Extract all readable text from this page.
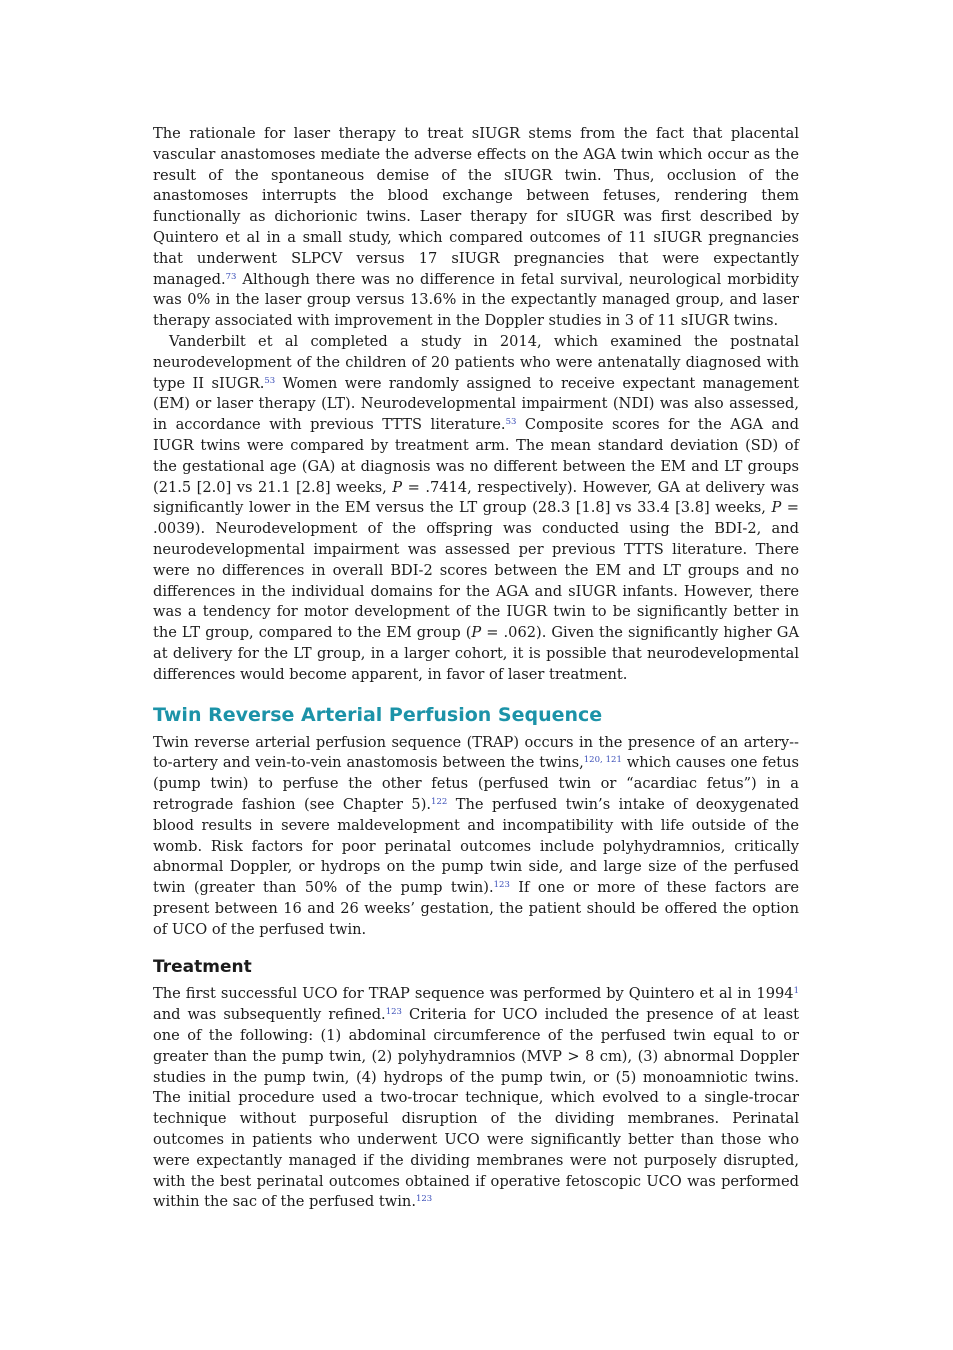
The rationale for laser therapy to treat sIUGR stems from the fact that placental vascular anastomoses mediate the adverse effects on the AGA twin which occur as the result of the spontaneous demise of the sIUGR twin. Thus, occlusion of the anastomoses interrupts the blood exchange between fetuses, rendering them functionally as dichorionic twins. Laser therapy for sIUGR was first described by Quintero et al in a small study, which compared outcomes of 11 sIUGR pregnancies that underwent SLPCV versus 17 sIUGR pregnancies that were expectantly managed.$^{73}$ Although there was no difference in fetal survival, neurological morbidity was 0% in the laser group versus 13.6% in the expectantly managed group, and laser therapy associated with improvement in the Doppler studies in 3 of 11 sIUGR twins.

Vanderbilt et al completed a study in 2014, which examined the postnatal neurodevelopment of the children of 20 patients who were antenatally diagnosed with type II sIUGR.$^{53}$ Women were randomly assigned to receive expectant management (EM) or laser therapy (LT). Neurodevelopmental impairment (NDI) was also assessed, in accordance with previous TTTS literature.$^{53}$ Composite scores for the AGA and IUGR twins were compared by treatment arm. The mean standard deviation (SD) of the gestational age (GA) at diagnosis was no different between the EM and LT groups (21.5 [2.0] vs 21.1 [2.8] weeks, P = .7414, respectively). However, GA at delivery was significantly lower in the EM versus the LT group (28.3 [1.8] vs 33.4 [3.8] weeks, P = .0039). Neurodevelopment of the offspring was conducted using the BDI-2, and neurodevelopmental impairment was assessed per previous TTTS literature. There were no differences in overall BDI-2 scores between the EM and LT groups and no differences in the individual domains for the AGA and sIUGR infants. However, there was a tendency for motor development of the IUGR twin to be significantly better in the LT group, compared to the EM group (P = .062). Given the significantly higher GA at delivery for the LT group, in a larger cohort, it is possible that neurodevelopmental differences would become apparent, in favor of laser treatment.

Twin Reverse Arterial Perfusion Sequence

Twin reverse arterial perfusion sequence (TRAP) occurs in the presence of an artery--to-artery and vein-to-vein anastomosis between the twins,$^{120, 121}$ which causes one fetus (pump twin) to perfuse the other fetus (perfused twin or “acardiac fetus”) in a retrograde fashion (see Chapter 5).$^{122}$ The perfused twin’s intake of deoxygenated blood results in severe maldevelopment and incompatibility with life outside of the womb. Risk factors for poor perinatal outcomes include polyhydramnios, critically abnormal Doppler, or hydrops on the pump twin side, and large size of the perfused twin (greater than 50% of the pump twin).$^{123}$ If one or more of these factors are present between 16 and 26 weeks’ gestation, the patient should be offered the option of UCO of the perfused twin.

Treatment

The first successful UCO for TRAP sequence was performed by Quintero et al in 1994$^1$ and was subsequently refined.$^{123}$ Criteria for UCO included the presence of at least one of the following: (1) abdominal circumference of the perfused twin equal to or greater than the pump twin, (2) polyhydramnios (MVP > 8 cm), (3) abnormal Doppler studies in the pump twin, (4) hydrops of the pump twin, or (5) monoamniotic twins. The initial procedure used a two-trocar technique, which evolved to a single-trocar technique without purposeful disruption of the dividing membranes. Perinatal outcomes in patients who underwent UCO were significantly better than those who were expectantly managed if the dividing membranes were not purposely disrupted, with the best perinatal outcomes obtained if operative fetoscopic UCO was performed within the sac of the perfused twin.$^{123}$
